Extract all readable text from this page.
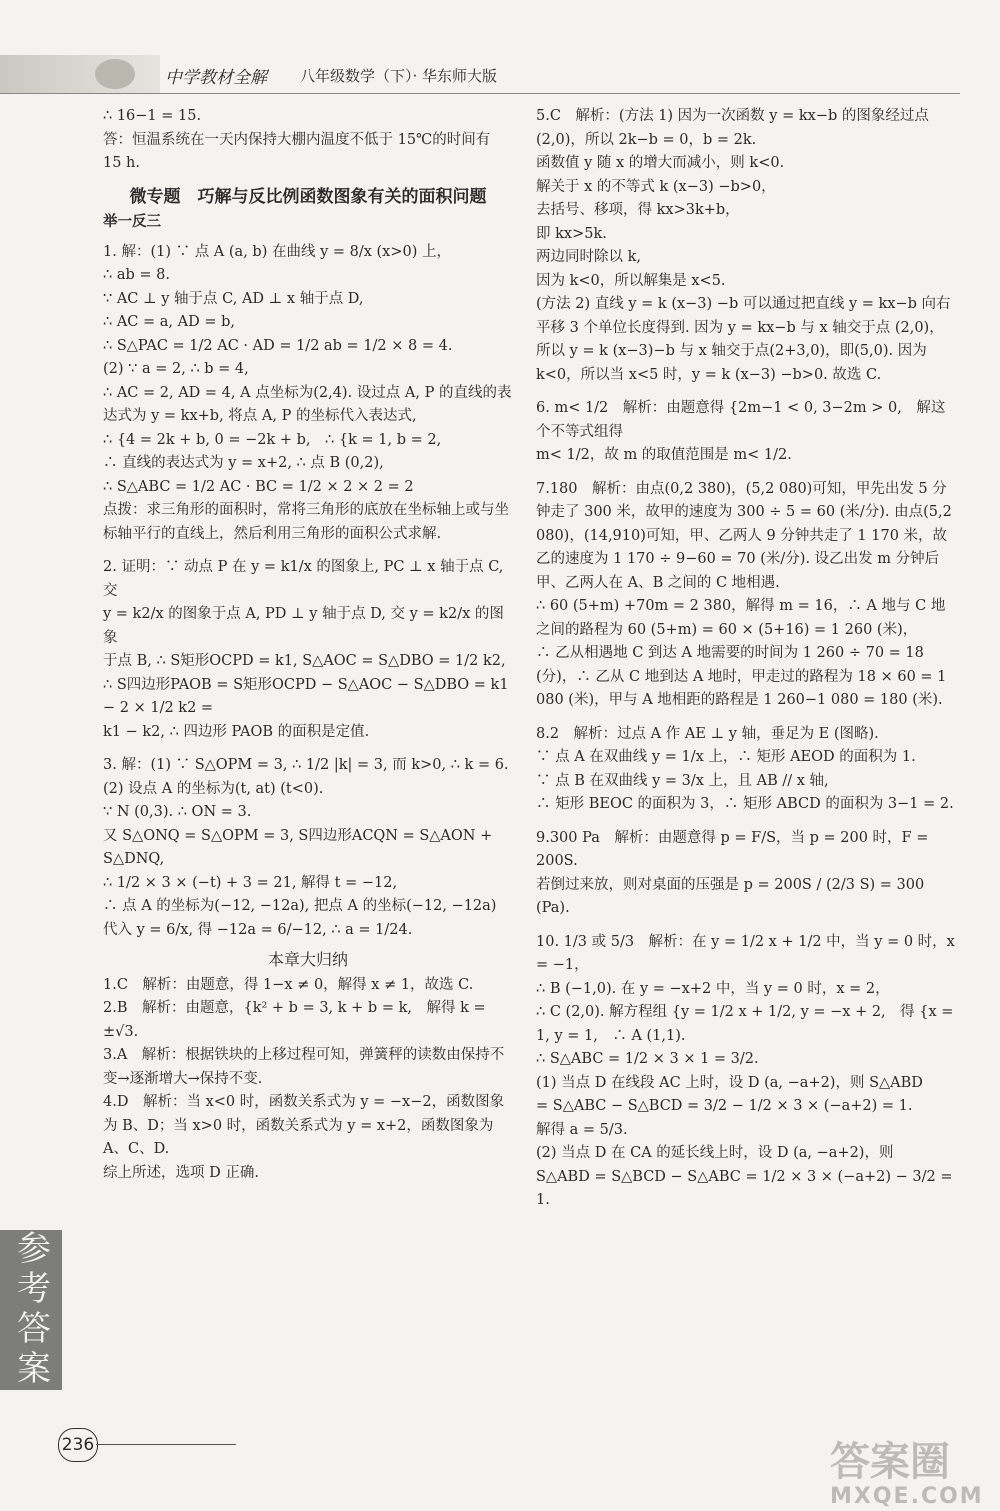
中学教材全解 八年级数学（下）· 华东师大版

∴ 16−1 = 15.

答：恒温系统在一天内保持大棚内温度不低于 15℃的时间有 15 h.

微专题　巧解与反比例函数图象有关的面积问题
举一反三

1. 解：(1) ∵ 点 A (a, b) 在曲线 y = 8/x (x>0) 上，

∴ ab = 8.

∵ AC ⊥ y 轴于点 C, AD ⊥ x 轴于点 D,

∴ AC = a, AD = b,

∴ S△PAC = 1/2 AC · AD = 1/2 ab = 1/2 × 8 = 4.

(2) ∵ a = 2, ∴ b = 4,

∴ AC = 2, AD = 4, A 点坐标为(2,4). 设过点 A, P 的直线的表达式为 y = kx+b, 将点 A, P 的坐标代入表达式,

∴ {4 = 2k + b, 0 = −2k + b,　∴ {k = 1, b = 2,

∴ 直线的表达式为 y = x+2, ∴ 点 B (0,2),

∴ S△ABC = 1/2 AC · BC = 1/2 × 2 × 2 = 2

点拨：求三角形的面积时，常将三角形的底放在坐标轴上或与坐标轴平行的直线上，然后利用三角形的面积公式求解.

2. 证明：∵ 动点 P 在 y = k1/x 的图象上, PC ⊥ x 轴于点 C, 交

y = k2/x 的图象于点 A, PD ⊥ y 轴于点 D, 交 y = k2/x 的图象

于点 B, ∴ S矩形OCPD = k1, S△AOC = S△DBO = 1/2 k2,

∴ S四边形PAOB = S矩形OCPD − S△AOC − S△DBO = k1 − 2 × 1/2 k2 =

k1 − k2, ∴ 四边形 PAOB 的面积是定值.

3. 解：(1) ∵ S△OPM = 3, ∴ 1/2 |k| = 3, 而 k>0, ∴ k = 6.

(2) 设点 A 的坐标为(t, at) (t<0).

∵ N (0,3). ∴ ON = 3.

又 S△ONQ = S△OPM = 3, S四边形ACQN = S△AON + S△DNQ,

∴ 1/2 × 3 × (−t) + 3 = 21, 解得 t = −12,

∴ 点 A 的坐标为(−12, −12a), 把点 A 的坐标(−12, −12a)

代入 y = 6/x, 得 −12a = 6/−12, ∴ a = 1/24.

本章大归纳

1.C　解析：由题意，得 1−x ≠ 0，解得 x ≠ 1，故选 C.

2.B　解析：由题意，{k² + b = 3, k + b = k,　解得 k = ±√3.

3.A　解析：根据铁块的上移过程可知，弹簧秤的读数由保持不变→逐渐增大→保持不变.

4.D　解析：当 x<0 时，函数关系式为 y = −x−2，函数图象为 B、D；当 x>0 时，函数关系式为 y = x+2，函数图象为 A、C、D.

综上所述，选项 D 正确.

5.C　解析：(方法 1) 因为一次函数 y = kx−b 的图象经过点 (2,0)，所以 2k−b = 0，b = 2k.

函数值 y 随 x 的增大而减小，则 k<0.

解关于 x 的不等式 k (x−3) −b>0，

去括号、移项，得 kx>3k+b，

即 kx>5k.

两边同时除以 k,

因为 k<0，所以解集是 x<5.

(方法 2) 直线 y = k (x−3) −b 可以通过把直线 y = kx−b 向右平移 3 个单位长度得到. 因为 y = kx−b 与 x 轴交于点 (2,0)，所以 y = k (x−3)−b 与 x 轴交于点(2+3,0)，即(5,0). 因为 k<0，所以当 x<5 时，y = k (x−3) −b>0. 故选 C.

6. m< 1/2　解析：由题意得 {2m−1 < 0, 3−2m > 0,　解这个不等式组得

m< 1/2，故 m 的取值范围是 m< 1/2.

7.180　解析：由点(0,2 380)，(5,2 080)可知，甲先出发 5 分钟走了 300 米，故甲的速度为 300 ÷ 5 = 60 (米/分). 由点(5,2 080)，(14,910)可知，甲、乙两人 9 分钟共走了 1 170 米，故乙的速度为 1 170 ÷ 9−60 = 70 (米/分). 设乙出发 m 分钟后甲、乙两人在 A、B 之间的 C 地相遇.

∴ 60 (5+m) +70m = 2 380，解得 m = 16，∴ A 地与 C 地之间的路程为 60 (5+m) = 60 × (5+16) = 1 260 (米)，

∴ 乙从相遇地 C 到达 A 地需要的时间为 1 260 ÷ 70 = 18 (分)，∴ 乙从 C 地到达 A 地时，甲走过的路程为 18 × 60 = 1 080 (米)，甲与 A 地相距的路程是 1 260−1 080 = 180 (米).

8.2　解析：过点 A 作 AE ⊥ y 轴，垂足为 E (图略).

∵ 点 A 在双曲线 y = 1/x 上，∴ 矩形 AEOD 的面积为 1.

∵ 点 B 在双曲线 y = 3/x 上，且 AB // x 轴,

∴ 矩形 BEOC 的面积为 3，∴ 矩形 ABCD 的面积为 3−1 = 2.

9.300 Pa　解析：由题意得 p = F/S，当 p = 200 时，F = 200S.

若倒过来放，则对桌面的压强是 p = 200S / (2/3 S) = 300 (Pa).

10. 1/3 或 5/3　解析：在 y = 1/2 x + 1/2 中，当 y = 0 时，x = −1，

∴ B (−1,0). 在 y = −x+2 中，当 y = 0 时，x = 2，

∴ C (2,0). 解方程组 {y = 1/2 x + 1/2, y = −x + 2,　得 {x = 1, y = 1,　∴ A (1,1).

∴ S△ABC = 1/2 × 3 × 1 = 3/2.

(1) 当点 D 在线段 AC 上时，设 D (a, −a+2)，则 S△ABD

= S△ABC − S△BCD = 3/2 − 1/2 × 3 × (−a+2) = 1.

解得 a = 5/3.

(2) 当点 D 在 CA 的延长线上时，设 D (a, −a+2)，则

S△ABD = S△BCD − S△ABC = 1/2 × 3 × (−a+2) − 3/2 = 1.

参考答案
236	答案圈
MXQE.COM
